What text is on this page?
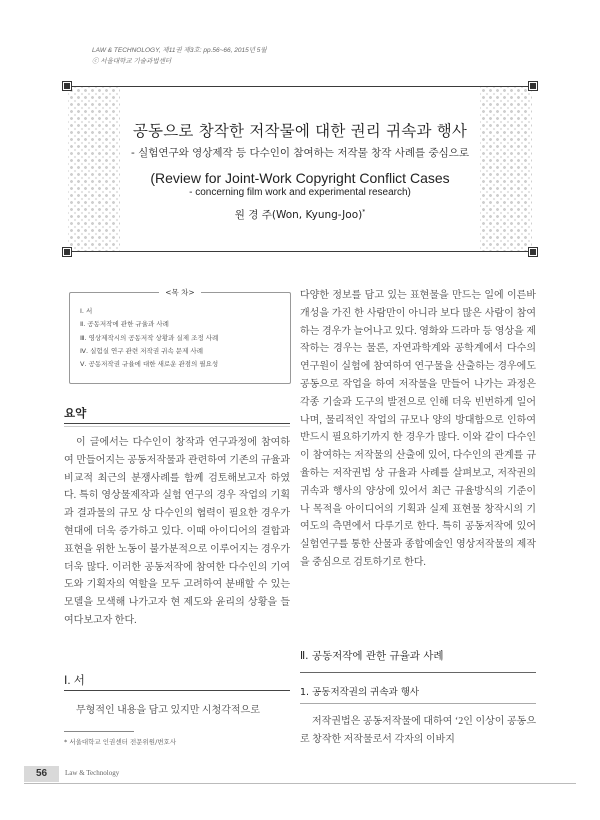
LAW & TECHNOLOGY, 제11권 제3호: pp.56~66, 2015년 5월
ⓒ 서울대학교 기술과법센터
공동으로 창작한 저작물에 대한 권리 귀속과 행사
- 실험연구와 영상제작 등 다수인이 참여하는 저작물 창작 사례를 중심으로
(Review for Joint-Work Copyright Conflict Cases
- concerning film work and experimental research)
원 경 주(Won, Kyung-Joo)*
<목 차>
Ⅰ. 서
Ⅱ. 공동저작에 관한 규율과 사례
Ⅲ. 영상제작시의 공동저작 상황과 실제 조정 사례
Ⅳ. 실험실 연구 관련 저작권 귀속 문제 사례
Ⅴ. 공동저작권 규율에 대한 새로운 관점의 필요성
요약
이 글에서는 다수인이 창작과 연구과정에 참여하여 만들어지는 공동저작물과 관련하여 기존의 규율과 비교적 최근의 분쟁사례를 함께 검토해보고자 하였다. 특히 영상물제작과 실험 연구의 경우 작업의 기획과 결과물의 규모 상 다수인의 협력이 필요한 경우가 현대에 더욱 증가하고 있다. 이때 아이디어의 결합과 표현을 위한 노동이 불가분적으로 이루어지는 경우가 더욱 많다. 이러한 공동저작에 참여한 다수인의 기여도와 기획자의 역할을 모두 고려하여 분배할 수 있는 모델을 모색해 나가고자 현 제도와 윤리의 상황을 들여다보고자 한다.
Ⅰ. 서
무형적인 내용을 담고 있지만 시청각적으로
* 서울대학교 인권센터 전문위원/변호사
다양한 정보를 담고 있는 표현물을 만드는 일에 이른바 개성을 가진 한 사람만이 아니라 보다 많은 사람이 참여하는 경우가 늘어나고 있다. 영화와 드라마 등 영상을 제작하는 경우는 물론, 자연과학계와 공학계에서 다수의 연구원이 실험에 참여하여 연구물을 산출하는 경우에도 공동으로 작업을 하여 저작물을 만들어 나가는 과정은 각종 기술과 도구의 발전으로 인해 더욱 빈번하게 일어나며, 물리적인 작업의 규모나 양의 방대함으로 인하여 반드시 필요하기까지 한 경우가 많다. 이와 같이 다수인이 참여하는 저작물의 산출에 있어, 다수인의 관계를 규율하는 저작권법 상 규율과 사례를 살펴보고, 저작권의 귀속과 행사의 양상에 있어서 최근 규율방식의 기준이나 목적을 아이디어의 기획과 실제 표현물 창작시의 기여도의 측면에서 다루기로 한다. 특히 공동저작에 있어 실험연구를 통한 산물과 종합예술인 영상저작물의 제작을 중심으로 검토하기로 한다.
Ⅱ. 공동저작에 관한 규율과 사례
1. 공동저작권의 귀속과 행사
저작권법은 공동저작물에 대하여 ‘2인 이상이 공동으로 창작한 저작물로서 각자의 이바지
56	Law & Technology
